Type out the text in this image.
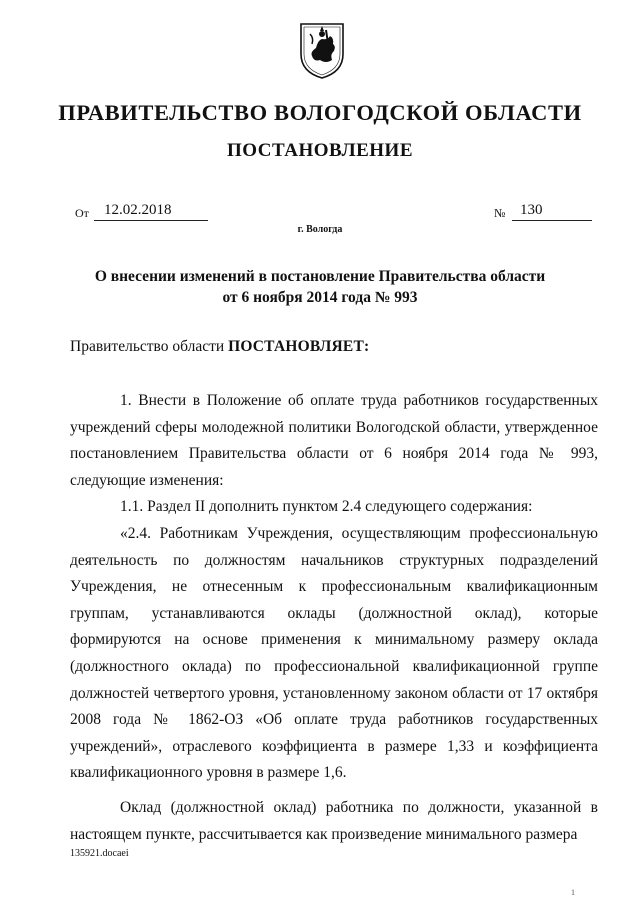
ПРАВИТЕЛЬСТВО ВОЛОГОДСКОЙ ОБЛАСТИ
ПОСТАНОВЛЕНИЕ
От	12.02.2018	№ 130
г. Вологда
О внесении изменений в постановление Правительства области
от 6 ноября 2014 года № 993
Правительство области ПОСТАНОВЛЯЕТ:

1. Внести в Положение об оплате труда работников государственных учреждений сферы молодежной политики Вологодской области, утвержденное постановлением Правительства области от 6 ноября 2014 года № 993, следующие изменения:

1.1. Раздел II дополнить пунктом 2.4 следующего содержания:

«2.4. Работникам Учреждения, осуществляющим профессиональную деятельность по должностям начальников структурных подразделений Учреждения, не отнесенным к профессиональным квалификационным группам, устанавливаются оклады (должностной оклад), которые формируются на основе применения к минимальному размеру оклада (должностного оклада) по профессиональной квалификационной группе должностей четвертого уровня, установленному законом области от 17 октября 2008 года № 1862-ОЗ «Об оплате труда работников государственных учреждений», отраслевого коэффициента в размере 1,33 и коэффициента квалификационного уровня в размере 1,6.

Оклад (должностной оклад) работника по должности, указанной в настоящем пункте, рассчитывается как произведение минимального размера

135921.docaei
1
